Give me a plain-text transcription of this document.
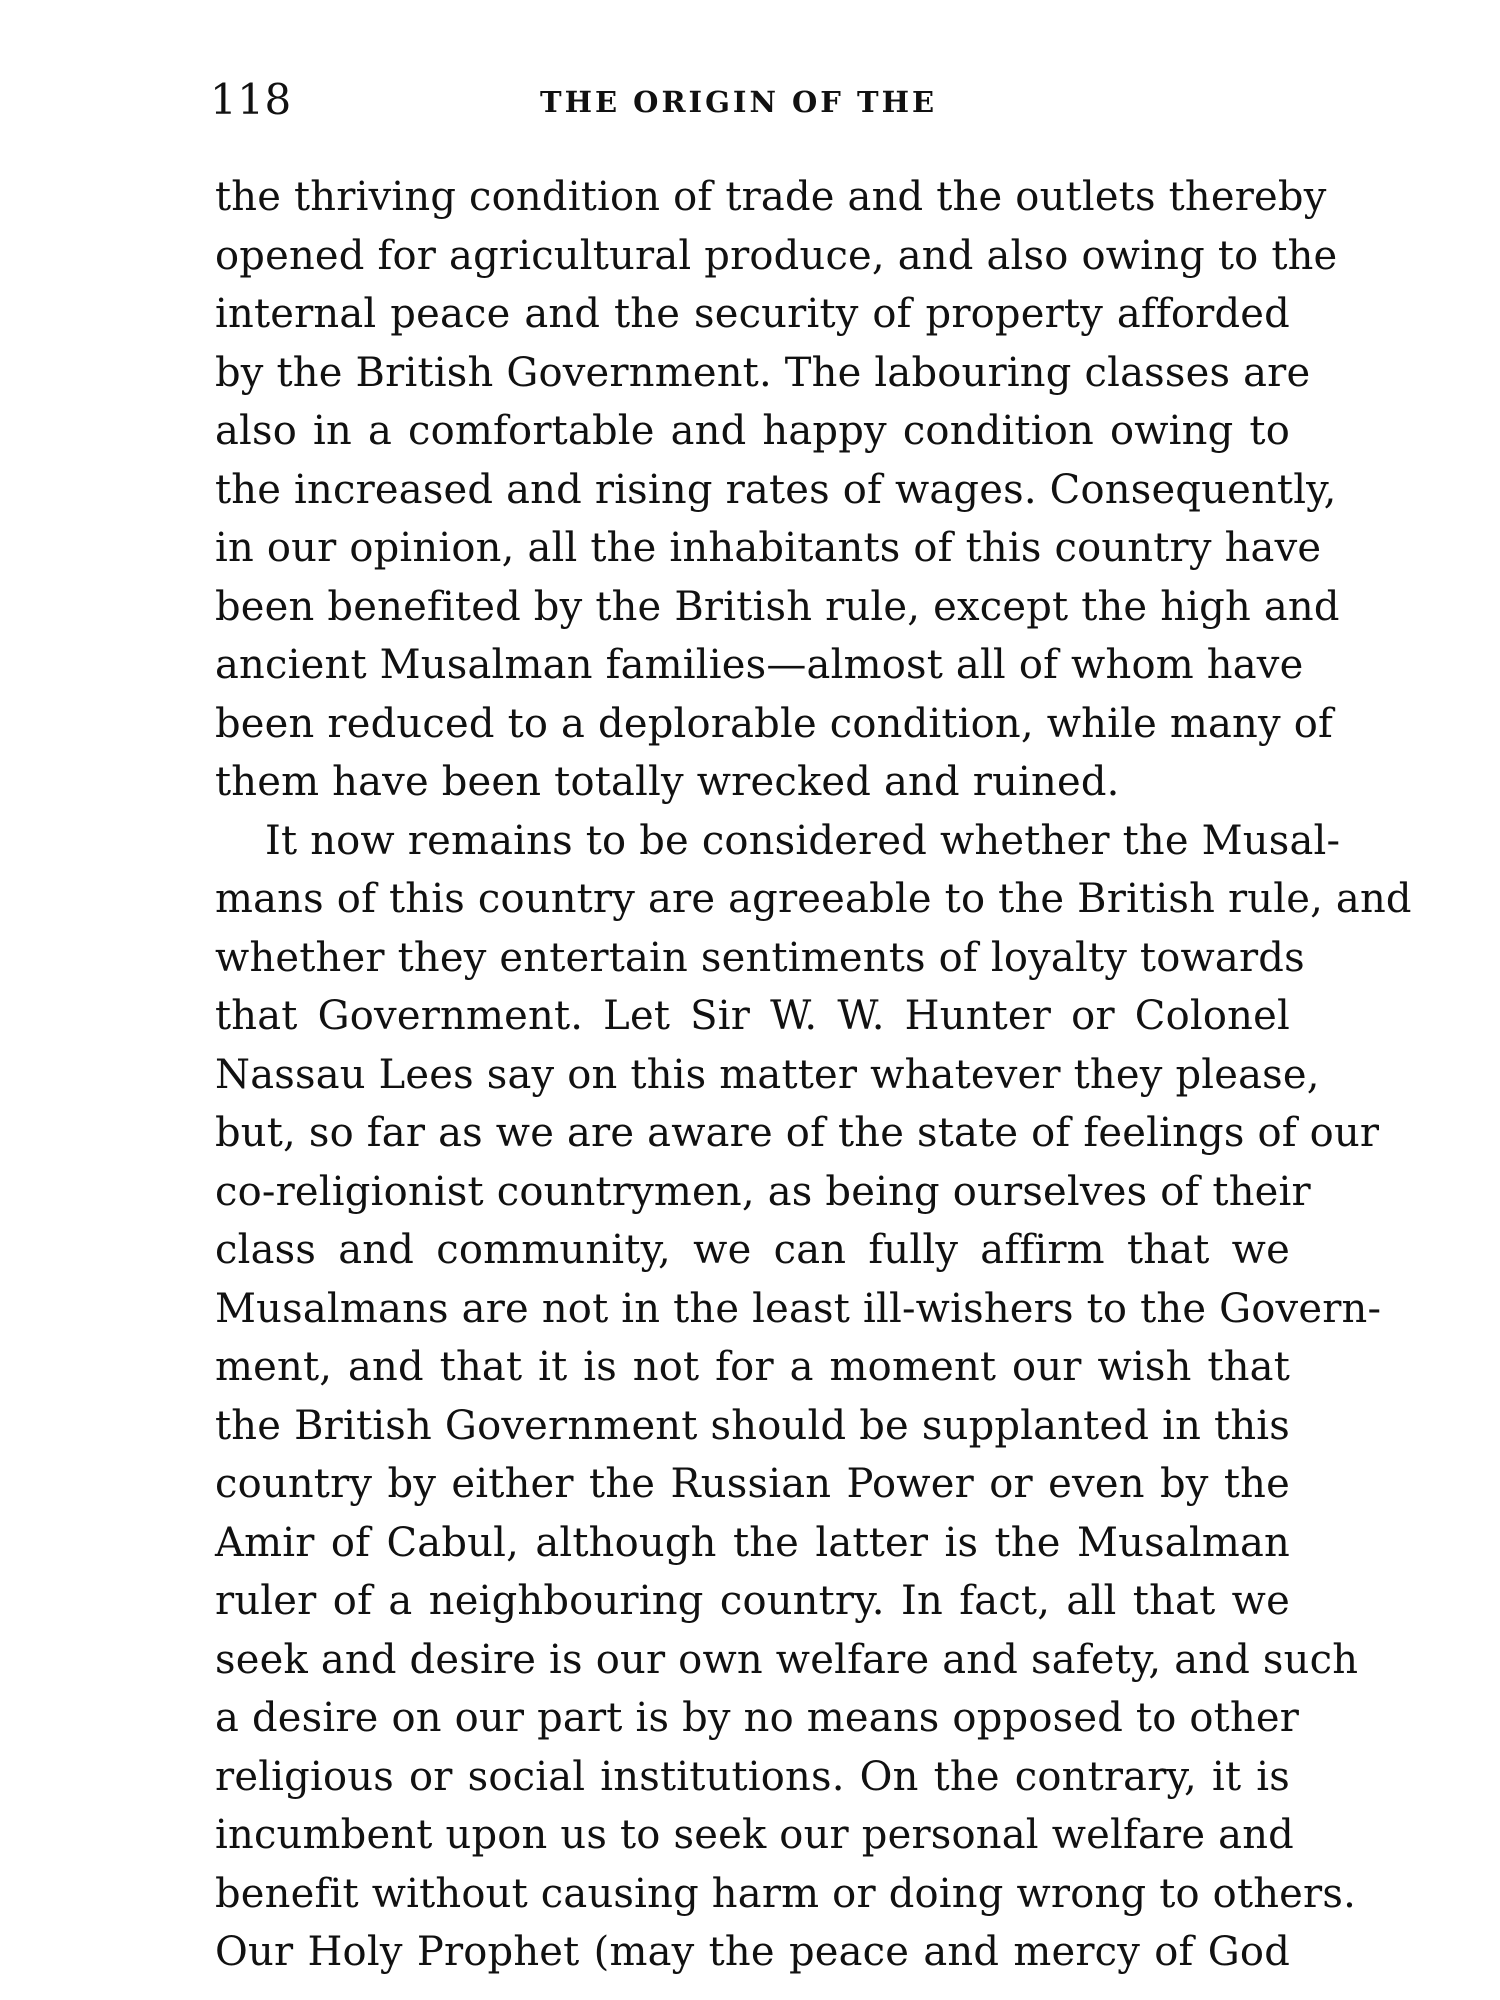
118	THE ORIGIN OF THE
the thriving condition of trade and the outlets thereby
opened for agricultural produce, and also owing to the
internal peace and the security of property afforded
by the British Government. The labouring classes are
also in a comfortable and happy condition owing to
the increased and rising rates of wages. Consequently,
in our opinion, all the inhabitants of this country have
been benefited by the British rule, except the high and
ancient Musalman families—almost all of whom have
been reduced to a deplorable condition, while many of
them have been totally wrecked and ruined.
It now remains to be considered whether the Musal-
mans of this country are agreeable to the British rule, and
whether they entertain sentiments of loyalty towards
that Government. Let Sir W. W. Hunter or Colonel
Nassau Lees say on this matter whatever they please,
but, so far as we are aware of the state of feelings of our
co-religionist countrymen, as being ourselves of their
class and community, we can fully affirm that we
Musalmans are not in the least ill-wishers to the Govern-
ment, and that it is not for a moment our wish that
the British Government should be supplanted in this
country by either the Russian Power or even by the
Amir of Cabul, although the latter is the Musalman
ruler of a neighbouring country. In fact, all that we
seek and desire is our own welfare and safety, and such
a desire on our part is by no means opposed to other
religious or social institutions. On the contrary, it is
incumbent upon us to seek our personal welfare and
benefit without causing harm or doing wrong to others.
Our Holy Prophet (may the peace and mercy of God
